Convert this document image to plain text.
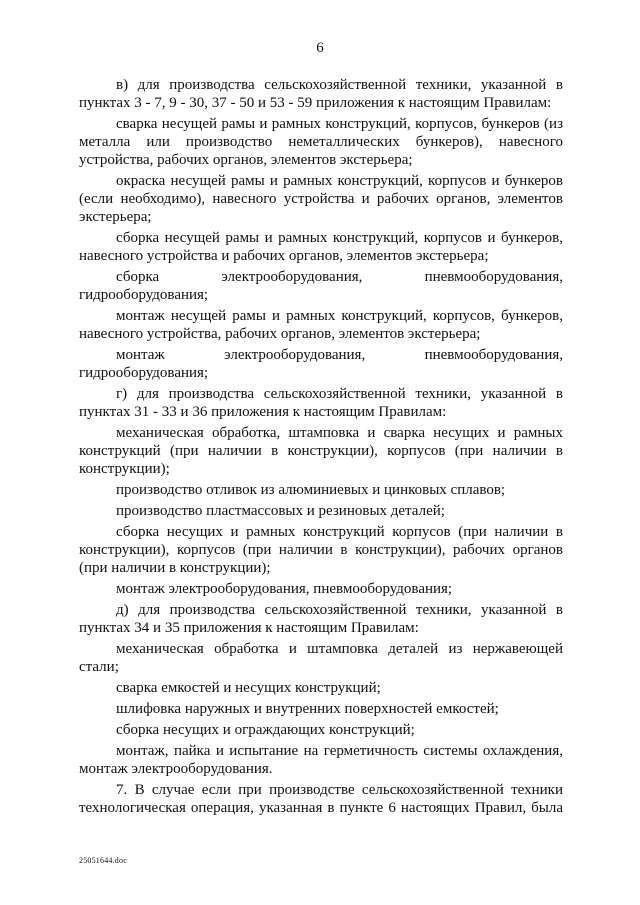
6

в) для производства сельскохозяйственной техники, указанной в пунктах 3 - 7, 9 - 30, 37 - 50 и 53 - 59 приложения к настоящим Правилам:

сварка несущей рамы и рамных конструкций, корпусов, бункеров (из металла или производство неметаллических бункеров), навесного устройства, рабочих органов, элементов экстерьера;

окраска несущей рамы и рамных конструкций, корпусов и бункеров (если необходимо), навесного устройства и рабочих органов, элементов экстерьера;

сборка несущей рамы и рамных конструкций, корпусов и бункеров, навесного устройства и рабочих органов, элементов экстерьера;

сборка электрооборудования, пневмооборудования, гидрооборудования;

монтаж несущей рамы и рамных конструкций, корпусов, бункеров, навесного устройства, рабочих органов, элементов экстерьера;

монтаж электрооборудования, пневмооборудования, гидрооборудования;

г) для производства сельскохозяйственной техники, указанной в пунктах 31 - 33 и 36 приложения к настоящим Правилам:

механическая обработка, штамповка и сварка несущих и рамных конструкций (при наличии в конструкции), корпусов (при наличии в конструкции);

производство отливок из алюминиевых и цинковых сплавов;

производство пластмассовых и резиновых деталей;

сборка несущих и рамных конструкций корпусов (при наличии в конструкции), корпусов (при наличии в конструкции), рабочих органов (при наличии в конструкции);

монтаж электрооборудования, пневмооборудования;

д) для производства сельскохозяйственной техники, указанной в пунктах 34 и 35 приложения к настоящим Правилам:

механическая обработка и штамповка деталей из нержавеющей стали;

сварка емкостей и несущих конструкций;

шлифовка наружных и внутренних поверхностей емкостей;

сборка несущих и ограждающих конструкций;

монтаж, пайка и испытание на герметичность системы охлаждения, монтаж электрооборудования.

7. В случае если при производстве сельскохозяйственной техники технологическая операция, указанная в пункте 6 настоящих Правил, была

25051644.doc
